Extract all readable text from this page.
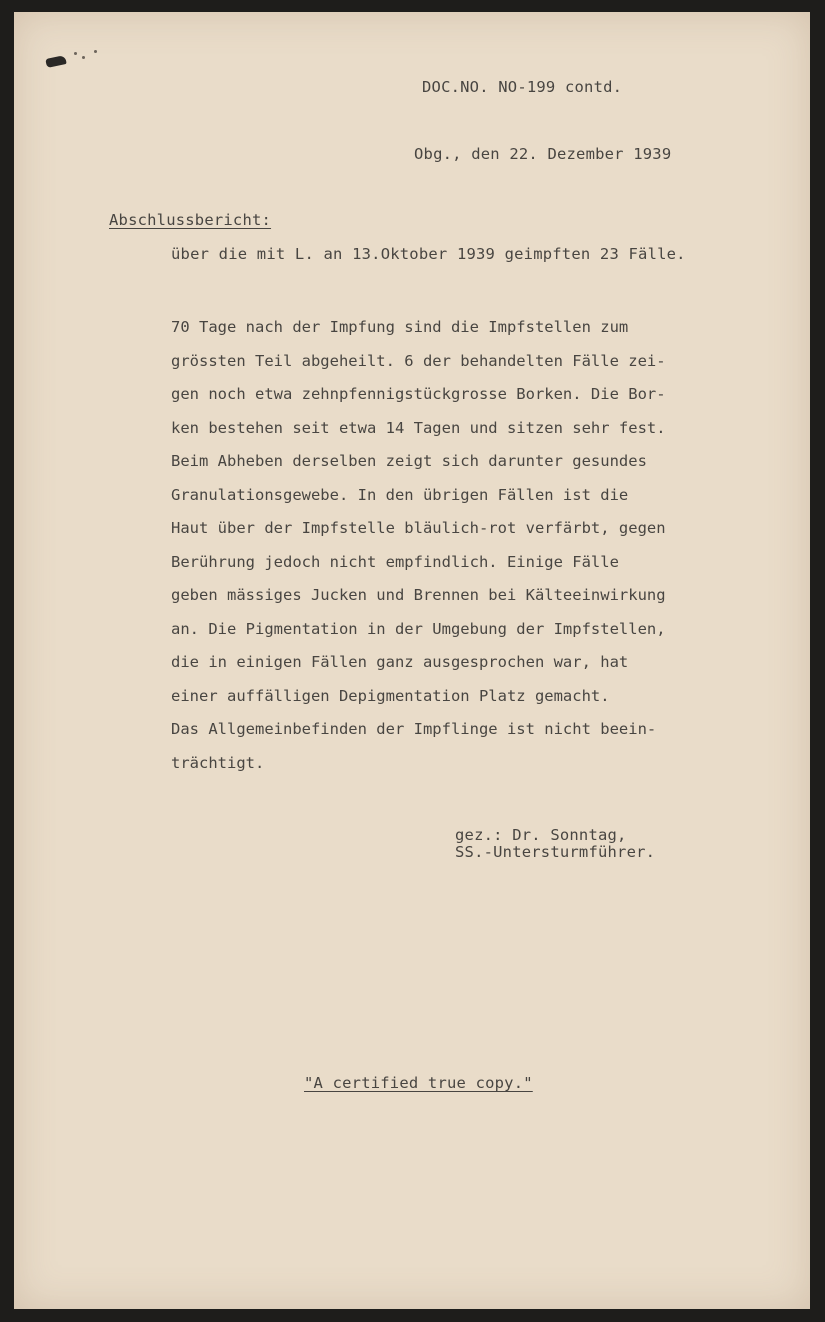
DOC.NO. NO-199 contd.
Obg., den 22. Dezember 1939
Abschlussbericht:
über die mit L. an 13.Oktober 1939 geimpften 23 Fälle.
70 Tage nach der Impfung sind die Impfstellen zum
grössten Teil abgeheilt. 6 der behandelten Fälle zei-
gen noch etwa zehnpfennigstückgrosse Borken. Die Bor-
ken bestehen seit etwa 14 Tagen und sitzen sehr fest.
Beim Abheben derselben zeigt sich darunter gesundes
Granulationsgewebe. In den übrigen Fällen ist die
Haut über der Impfstelle bläulich-rot verfärbt, gegen
Berührung jedoch nicht empfindlich. Einige Fälle
geben mässiges Jucken und Brennen bei Kälteeinwirkung
an. Die Pigmentation in der Umgebung der Impfstellen,
die in einigen Fällen ganz ausgesprochen war, hat
einer auffälligen Depigmentation Platz gemacht.
Das Allgemeinbefinden der Impflinge ist nicht beein-
trächtigt.
gez.: Dr. Sonntag,
SS.-Untersturmführer.
"A certified true copy."
